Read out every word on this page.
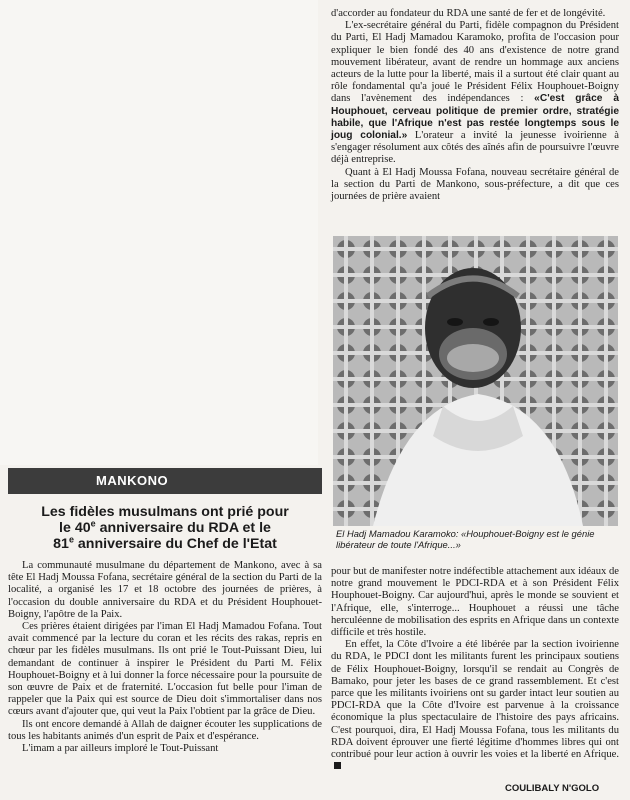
d'accorder au fondateur du RDA une santé de fer et de longévité.

L'ex-secrétaire général du Parti, fidèle compagnon du Président du Parti, El Hadj Mamadou Karamoko, profita de l'occasion pour expliquer le bien fondé des 40 ans d'existence de notre grand mouvement libérateur, avant de rendre un hommage aux anciens acteurs de la lutte pour la liberté, mais il a surtout été clair quant au rôle fondamental qu'a joué le Président Félix Houphouet-Boigny dans l'avènement des indépendances : «C'est grâce à Houphouet, cerveau politique de premier ordre, stratégie habile, que l'Afrique n'est pas restée longtemps sous le joug colonial.» L'orateur a invité la jeunesse ivoirienne à s'engager résolument aux côtés des aînés afin de poursuivre l'œuvre déjà entreprise.

Quant à El Hadj Moussa Fofana, nouveau secrétaire général de la section du Parti de Mankono, sous-préfecture, a dit que ces journées de prière avaient

El Hadj Mamadou Karamoko: «Houphouet-Boigny est le génie libérateur de toute l'Afrique...»
MANKONO
Les fidèles musulmans ont prié pour
le 40e anniversaire du RDA et le
81e anniversaire du Chef de l'Etat

La communauté musulmane du département de Mankono, avec à sa tête El Hadj Moussa Fofana, secrétaire général de la section du Parti de la localité, a organisé les 17 et 18 octobre des journées de prières, à l'occasion du double anniversaire du RDA et du Président Houphouet-Boigny, l'apôtre de la Paix.

Ces prières étaient dirigées par l'iman El Hadj Mamadou Fofana. Tout avait commencé par la lecture du coran et les récits des rakas, repris en chœur par les fidèles musulmans. Ils ont prié le Tout-Puissant Dieu, lui demandant de continuer à inspirer le Président du Parti M. Félix Houphouet-Boigny et à lui donner la force nécessaire pour la poursuite de son œuvre de Paix et de fraternité. L'occasion fut belle pour l'iman de rappeler que la Paix qui est source de Dieu doit s'immortaliser dans nos cœurs avant d'ajouter que, qui veut la Paix l'obtient par la grâce de Dieu.

Ils ont encore demandé à Allah de daigner écouter les supplications de tous les habitants animés d'un esprit de Paix et d'espérance.

L'imam a par ailleurs imploré le Tout-Puissant

pour but de manifester notre indéfectible attachement aux idéaux de notre grand mouvement le PDCI-RDA et à son Président Félix Houphouet-Boigny. Car aujourd'hui, après le monde se souvient et l'Afrique, elle, s'interroge... Houphouet a réussi une tâche herculéenne de mobilisation des esprits en Afrique dans un contexte difficile et très hostile.

En effet, la Côte d'Ivoire a été libérée par la section ivoirienne du RDA, le PDCI dont les militants furent les principaux soutiens de Félix Houphouet-Boigny, lorsqu'il se rendait au Congrès de Bamako, pour jeter les bases de ce grand rassemblement. Et c'est parce que les militants ivoiriens ont su garder intact leur soutien au PDCI-RDA que la Côte d'Ivoire est parvenue à la croissance économique la plus spectaculaire de l'histoire des pays africains. C'est pourquoi, dira, El Hadj Moussa Fofana, tous les militants du RDA doivent éprouver une fierté légitime d'hommes libres qui ont contribué pour leur action à ouvrir les voies et la liberté en Afrique.

COULIBALY N'GOLO
